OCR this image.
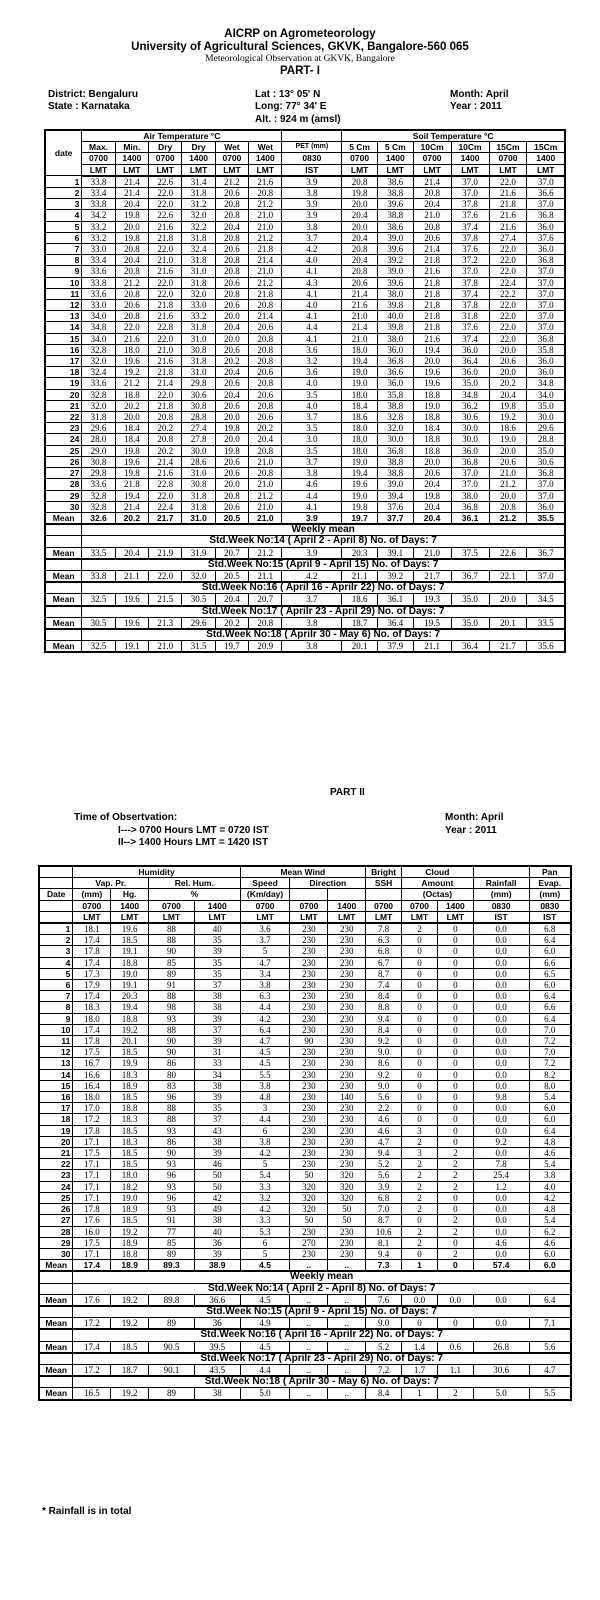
AICRP on Agrometeorology
University of Agricultural Sciences, GKVK, Bangalore-560 065
Meteorological Observation at GKVK, Bangalore
PART- I
District: Bengaluru
State : Karnataka
Lat : 13° 05' N
Long: 77° 34' E
Alt. : 924 m (amsl)
Month: April
Year : 2011
date	Air Temperature °C							Soil Temperature °C					
	Max.	Min.	Dry	Dry	Wet	Wet	PET (mm)	5 Cm	5 Cm	10Cm	10Cm	15Cm	15Cm
	0700	1400	0700	1400	0700	1400	0830	0700	1400	0700	1400	0700	1400
	LMT	LMT	LMT	LMT	LMT	LMT	IST	LMT	LMT	LMT	LMT	LMT	LMT
1	33.8	21.4	22.6	31.4	21.2	21.6	3.9	20.8	38.6	21.4	37.0	22.0	37.0
2	33.4	21.4	22.0	31.8	20.6	20.8	3.8	19.8	38.8	20.8	37.0	21.6	36.6
3	33.8	20.4	22.0	31.2	20.8	21.2	3.9	20.0	39.6	20.4	37.8	21.8	37.0
4	34.2	19.8	22.6	32.0	20.8	21.0	3.9	20.4	38.8	21.0	37.6	21.6	36.8
5	33.2	20.0	21.6	32.2	20.4	21.0	3.8	20.0	38.6	20.8	37.4	21.6	36.0
6	33.2	19.8	21.8	31.8	20.8	21.2	3.7	20.4	39.0	20.6	37.8	27.4	37.6
7	33.0	20.8	22.0	32.4	20.6	21.8	4.2	20.8	39.6	21.4	37.6	22.0	36.0
8	33.4	20.4	21.0	31.8	20.8	21.4	4.0	20.4	39.2	21.8	37.2	22.0	36.8
9	33.6	20.8	21.6	31.0	20.8	21.0	4.1	20.8	39.0	21.6	37.0	22.0	37.0
10	33.8	21.2	22.0	31.8	20.6	21.2	4.3	20.6	39.6	21.8	37.8	22.4	37.0
11	33.6	20.8	22.0	32.0	20.8	21.8	4.1	21.4	38.0	21.8	37.4	22.2	37.0
12	33.0	20.6	21.8	33.0	20.6	20.8	4.0	21.6	39.8	21.8	37.8	22.0	37.0
13	34.0	20.8	21.6	33.2	20.0	21.4	4.1	21.0	40.0	21.8	31.8	22.0	37.0
14	34.8	22.0	22.8	31.8	20.4	20.6	4.4	21.4	39.8	21.8	37.6	22.0	37.0
15	34.0	21.6	22.0	31.0	20.0	20.8	4.1	21.0	38.0	21.6	37.4	22.0	36.8
16	32.8	18.0	21.0	30.8	20.6	20.8	3.6	18.0	36.0	19.4	36.0	20.0	35.8
17	32.0	19.6	21.6	31.8	20.2	20.8	3.2	19.4	36.8	20.0	36.4	20.6	36.0
18	32.4	19.2	21.8	31.0	20.4	20.6	3.6	19.0	36.6	19.6	36.0	20.0	36.0
19	33.6	21.2	21.4	29.8	20.6	20.8	4.0	19.0	36.0	19.6	35.0	20.2	34.8
20	32.8	18.8	22.0	30.6	20.4	20.6	3.5	18.0	35.8	18.8	34.8	20.4	34.0
21	32.0	20.2	21.8	30.8	20.6	20.8	4.0	18.4	38.8	19.0	36.2	19.8	35.0
22	31.8	20.0	20.8	28.8	20.0	20.6	3.7	18.6	32.8	18.8	30.6	19.2	30.0
23	29.6	18.4	20.2	27.4	19.8	20.2	3.5	18.0	32.0	18.4	30.0	18.6	29.6
24	28.0	18.4	20.8	27.8	20.0	20.4	3.0	18.0	30.0	18.8	30.0	19.0	28.8
25	29.0	19.8	20.2	30.0	19.8	20.8	3.5	18.0	36.8	18.8	36.0	20.0	35.0
26	30.8	19.6	21.4	28.6	20.6	21.0	3.7	19.0	38.8	20.0	36.8	20.6	30.6
27	29.8	19.8	21.6	31.0	20.6	20.8	3.8	19.4	38.8	20.6	37.0	21.0	36.8
28	33.6	21.8	22.8	30.8	20.0	21.0	4.6	19.6	39.0	20.4	37.0	21.2	37.0
29	32.8	19.4	22.0	31.8	20.8	21.2	4.4	19.0	39.4	19.8	38.0	20.0	37.0
30	32.8	21.4	22.4	31.8	20.6	21.0	4.1	19.8	37.6	20.4	36.8	20.8	36.0
Mean	32.6	20.2	21.7	31.0	20.5	21.0	3.9	19.7	37.7	20.4	36.1	21.2	35.5
	Weekly mean												
	Std.Week No:14 ( April 2 - April 8) No. of Days: 7												
Mean	33.5	20.4	21.9	31.9	20.7	21.2	3.9	20.3	39.1	21.0	37.5	22.6	36.7
	Std.Week No:15 (April 9 - April 15) No. of Days: 7												
Mean	33.8	21.1	22.0	32.0	20.5	21.1	4.2	21.1	39.2	21.7	36.7	22.1	37.0
	Std.Week No:16 ( April 16 - Aprilr 22) No. of Days: 7												
Mean	32.5	19.6	21.5	30.5	20.4	20.7	3.7	18.6	36.1	19.3	35.0	20.0	34.5
	Std.Week No:17 ( Aprilr 23 - April 29) No. of Days: 7												
Mean	30.5	19.6	21.3	29.6	20.2	20.8	3.8	18.7	36.4	19.5	35.0	20.1	33.5
	Std.Week No:18 ( Aprilr 30 - May 6) No. of Days: 7												
Mean	32.5	19.1	21.0	31.5	19.7	20.9	3.8	20.1	37.9	21.1	36.4	21.7	35.6
PART II
Time of Obsertvation:
I---> 0700 Hours LMT = 0720 IST
II--> 1400 Hours LMT = 1420 IST
Month: April
Year : 2011
	Humidity				Mean Wind			Bright	Cloud			Pan
	Vap. Pr.		Rel. Hum.		Speed	Direction		SSH	Amount		Rainfall	Evap.
Date	(mm)	Hg.	%		(Km/day)				(Octas)		(mm)	(mm)
	0700	1400	0700	1400	0700	0700	1400	0700	0700	1400	0830	0830
	LMT	LMT	LMT	LMT	LMT	LMT	LMT	LMT	LMT	LMT	IST	IST
1	18.1	19.6	88	40	3.6	230	230	7.8	2	0	0.0	6.8
2	17.4	18.5	88	35	3.7	230	230	6.3	0	0	0.0	6.4
3	17.8	19.1	90	39	5	230	230	6.8	0	0	0.0	6.0
4	17.4	18.8	85	35	4.7	230	230	6.7	0	0	0.0	6.6
5	17.3	19.0	89	35	3.4	230	230	8.7	0	0	0.0	6.5
6	17.9	19.1	91	37	3.8	230	230	7.4	0	0	0.0	6.0
7	17.4	20.3	88	38	6.3	230	230	8.4	0	0	0.0	6.4
8	18.3	19.4	98	38	4.4	230	230	8.8	0	0	0.0	6.6
9	18.0	18.8	93	39	4.2	230	230	9.4	0	0	0.0	6.4
10	17.4	19.2	88	37	6.4	230	230	8.4	0	0	0.0	7.0
11	17.8	20.1	90	39	4.7	90	230	9.2	0	0	0.0	7.2
12	17.5	18.5	90	31	4.5	230	230	9.0	0	0	0.0	7.0
13	16.7	19.9	86	33	4.5	230	230	8.6	0	0	0.0	7.2
14	16.6	18.3	80	34	5.5	230	230	9.2	0	0	0.0	8.2
15	16.4	18.9	83	38	3.8	230	230	9.0	0	0	0.0	8.0
16	18.0	18.5	96	39	4.8	230	140	5.6	0	0	9.8	5.4
17	17.0	18.8	88	35	3	230	230	2.2	0	0	0.0	6.0
18	17.2	18.3	88	37	4.4	230	230	4.6	0	0	0.0	6.0
19	17.8	18.5	93	43	6	230	230	4.6	3	0	0.0	6.4
20	17.1	18.3	86	38	3.8	230	230	4.7	2	0	9.2	4.8
21	17.5	18.5	90	39	4.2	230	230	9.4	3	2	0.0	4.6
22	17.1	18.5	93	46	5	230	230	5.2	2	2	7.8	5.4
23	17.1	18.0	96	50	5.4	50	320	5.6	2	2	25.4	3.8
24	17.1	18.2	93	50	3.3	320	320	3.9	2	2	1.2	4.0
25	17.1	19.0	96	42	3.2	320	320	6.8	2	0	0.0	4.2
26	17.8	18.9	93	49	4.2	320	50	7.0	2	0	0.0	4.8
27	17.6	18.5	91	38	3.3	50	50	8.7	0	2	0.0	5.4
28	16.0	19.2	77	40	5.3	230	230	10.6	2	2	0.0	6.2
29	17.5	18.9	85	36	6	270	230	8.1	2	0	4.6	4.6
30	17.1	18.8	89	39	5	230	230	9.4	0	2	0.0	6.0
Mean	17.4	18.9	89.3	38.9	4.5	..	..	7.3	1	0	57.4	6.0
	Weekly mean											
	Std.Week No:14 ( April 2 - April 8) No. of Days: 7											
Mean	17.6	19.2	89.8	36.6	4.5	..	..	7.6	0.0	0.0	0.0	6.4
	Std.Week No:15 (April 9 - April 15) No. of Days: 7											
Mean	17.2	19.2	89	36	4.9	..	..	9.0	0	0	0.0	7.1
	Std.Week No:16 ( April 16 - Aprilr 22) No. of Days: 7											
Mean	17.4	18.5	90.5	39.5	4.5	..	..	5.2	1.4	0.6	26.8	5.6
	Std.Week No:17 ( Aprilr 23 - April 29) No. of Days: 7											
Mean	17.2	18.7	90.1	43.5	4.4	..	..	7.2	1.7	1.1	30.6	4.7
	Std.Week No:18 ( Aprilr 30 - May 6) No. of Days: 7											
Mean	16.5	19.2	89	38	5.0	..	..	8.4	1	2	5.0	5.5
* Rainfall is in total
